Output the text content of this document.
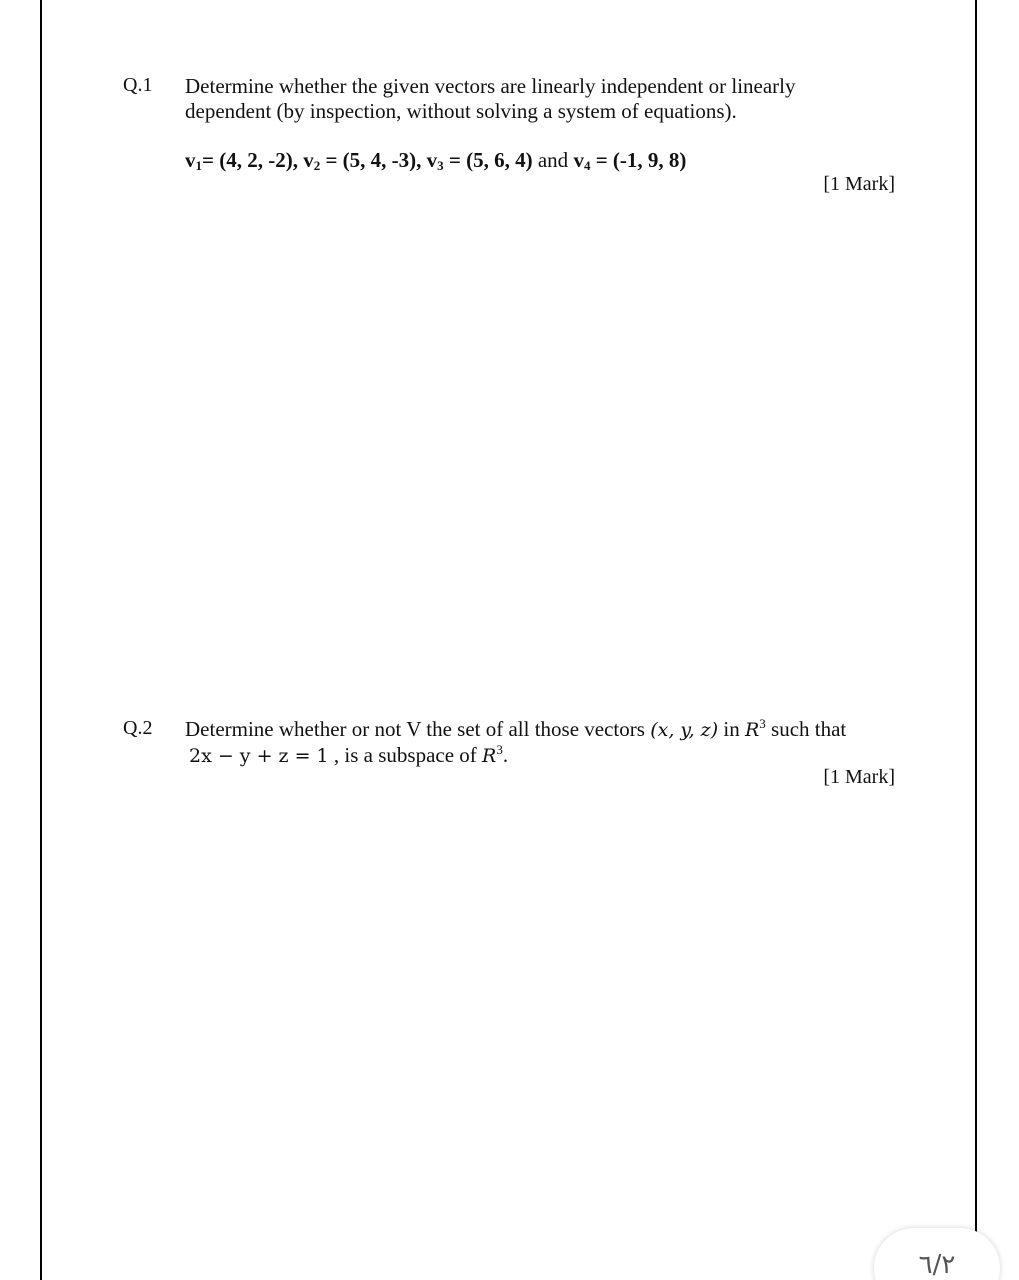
Q.1 Determine whether the given vectors are linearly independent or linearly
dependent (by inspection, without solving a system of equations).
$v_1= (4$, 2, -2), $v_2 = (5$, 4, -3), $v_3 = (5$, 6, 4) and $v_4 = (-1$, 9, 8)
[1 Mark]
Q.2 Determine whether or not V the set of all those vectors (x, y, z) in $R^3$ such that
2x − y + z = 1 , is a subspace of $R^3$.
[1 Mark]
٦/٢
